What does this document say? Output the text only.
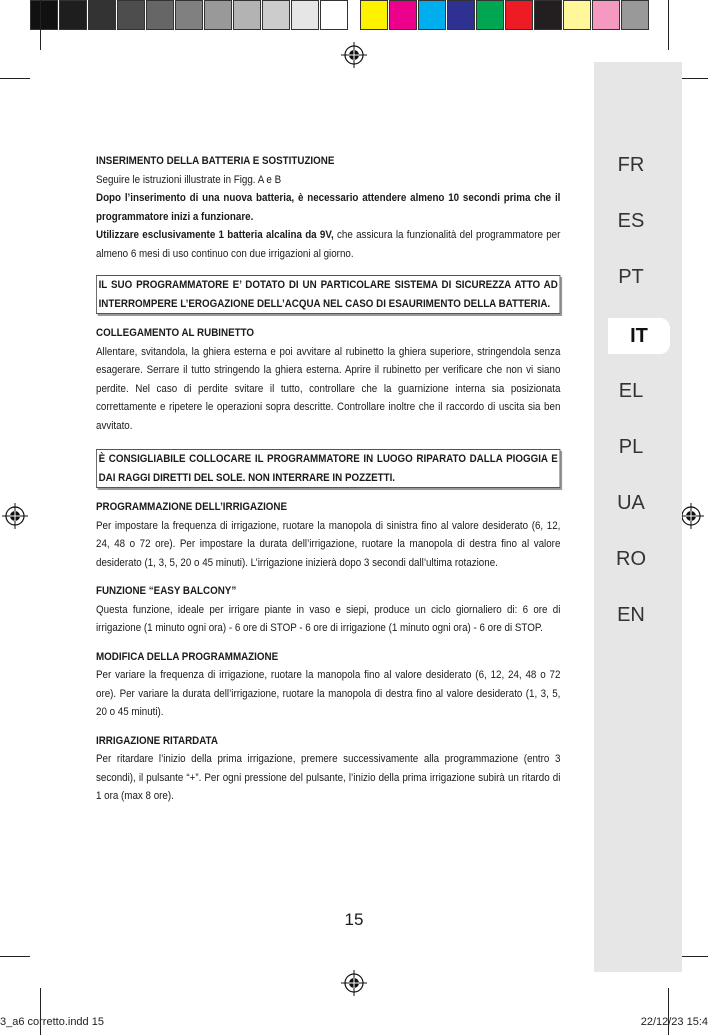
FR
ES
PT
IT
EL
PL
UA
RO
EN

INSERIMENTO DELLA BATTERIA E SOSTITUZIONE

Seguire le istruzioni illustrate in Figg. A e B

Dopo l’inserimento di una nuova batteria, è necessario attendere almeno 10 secondi prima che il programmatore inizi a funzionare.

Utilizzare esclusivamente 1 batteria alcalina da 9V, che assicura la funzionalità del programmatore per almeno 6 mesi di uso continuo con due irrigazioni al giorno.

IL SUO PROGRAMMATORE E’ DOTATO DI UN PARTICOLARE SISTEMA DI SICUREZZA ATTO AD INTERROMPERE L’EROGAZIONE DELL’ACQUA NEL CASO DI ESAURIMENTO DELLA BATTERIA.

COLLEGAMENTO AL RUBINETTO

Allentare, svitandola, la ghiera esterna e poi avvitare al rubinetto la ghiera superiore, stringendola senza esagerare. Serrare il tutto stringendo la ghiera esterna. Aprire il rubinetto per verificare che non vi siano perdite. Nel caso di perdite svitare il tutto, controllare che la guarnizione interna sia posizionata correttamente e ripetere le operazioni sopra descritte. Controllare inoltre che il raccordo di uscita sia ben avvitato.

È CONSIGLIABILE COLLOCARE IL PROGRAMMATORE IN LUOGO RIPARATO DALLA PIOGGIA E DAI RAGGI DIRETTI DEL SOLE. NON INTERRARE IN POZZETTI.

PROGRAMMAZIONE DELL’IRRIGAZIONE

Per impostare la frequenza di irrigazione, ruotare la manopola di sinistra fino al valore desiderato (6, 12, 24, 48 o 72 ore). Per impostare la durata dell’irrigazione, ruotare la manopola di destra fino al valore desiderato (1, 3, 5, 20 o 45 minuti). L’irrigazione inizierà dopo 3 secondi dall’ultima rotazione.

FUNZIONE “EASY BALCONY”

Questa funzione, ideale per irrigare piante in vaso e siepi, produce un ciclo giornaliero di: 6 ore di irrigazione (1 minuto ogni ora) - 6 ore di STOP - 6 ore di irrigazione (1 minuto ogni ora) - 6 ore di STOP.

MODIFICA DELLA PROGRAMMAZIONE

Per variare la frequenza di irrigazione, ruotare la manopola fino al valore desiderato (6, 12, 24, 48 o 72 ore). Per variare la durata dell’irrigazione, ruotare la manopola di destra fino al valore desiderato (1, 3, 5, 20 o 45 minuti).

IRRIGAZIONE RITARDATA

Per ritardare l’inizio della prima irrigazione, premere successivamente alla programmazione (entro 3 secondi), il pulsante “+”. Per ogni pressione del pulsante, l’inizio della prima irrigazione subirà un ritardo di 1 ora (max 8 ore).

15
3_a6 corretto.indd 15	22/12/23 15:4
